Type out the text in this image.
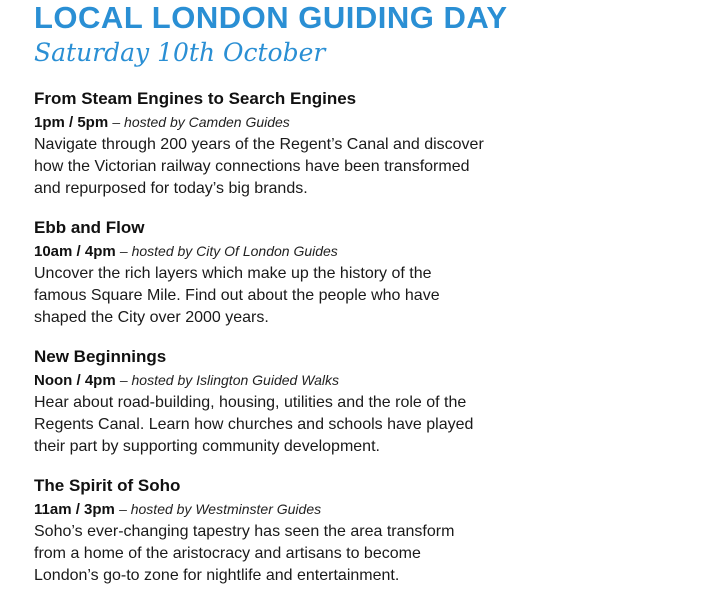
LOCAL LONDON GUIDING DAY
Saturday 10th October
From Steam Engines to Search Engines
1pm / 5pm – hosted by Camden Guides

Navigate through 200 years of the Regent’s Canal and discover how the Victorian railway connections have been transformed and repurposed for today’s big brands.

Ebb and Flow
10am / 4pm – hosted by City Of London Guides

Uncover the rich layers which make up the history of the famous Square Mile. Find out about the people who have shaped the City over 2000 years.

New Beginnings
Noon / 4pm – hosted by Islington Guided Walks

Hear about road-building, housing, utilities and the role of the Regents Canal. Learn how churches and schools have played their part by supporting community development.

The Spirit of Soho
11am / 3pm – hosted by Westminster Guides

Soho’s ever-changing tapestry has seen the area transform from a home of the aristocracy and artisans to become London’s go-to zone for nightlife and entertainment.
